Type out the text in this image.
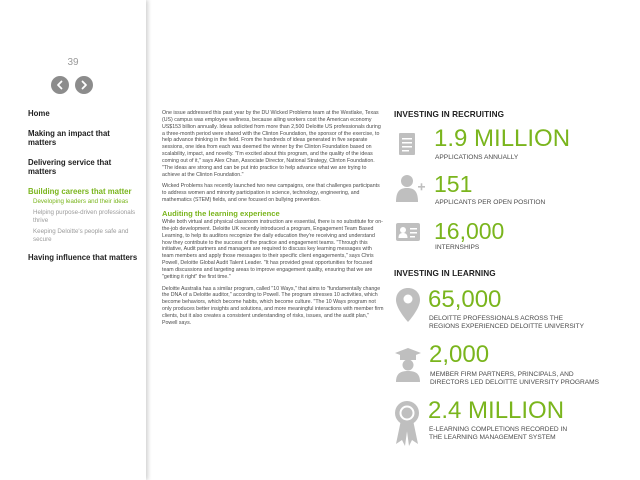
39
Home
Making an impact that matters
Delivering service that matters
Building careers that matter
Developing leaders and their ideas
Helping purpose-driven professionals thrive
Keeping Deloitte's people safe and secure
Having influence that matters

One issue addressed this past year by the DU Wicked Problems team at the Westlake, Texas (US) campus was employee wellness, because ailing workers cost the American economy US$153 billion annually. Ideas solicited from more than 2,500 Deloitte US professionals during a three-month period were shared with the Clinton Foundation, the sponsor of the exercise, to help advance thinking in the field. From the hundreds of ideas generated in five separate sessions, one idea from each was deemed the winner by the Clinton Foundation based on scalability, impact, and novelty. "I'm excited about this program, and the quality of the ideas coming out of it," says Alex Chan, Associate Director, National Strategy, Clinton Foundation. "The ideas are strong and can be put into practice to help advance what we are trying to achieve at the Clinton Foundation."

Wicked Problems has recently launched two new campaigns, one that challenges participants to address women and minority participation in science, technology, engineering, and mathematics (STEM) fields, and one focused on bullying prevention.

Auditing the learning experience

While both virtual and physical classroom instruction are essential, there is no substitute for on-the-job development. Deloitte UK recently introduced a program, Engagement Team Based Learning, to help its auditors recognize the daily education they're receiving and understand how they contribute to the success of the practice and engagement teams. "Through this initiative, Audit partners and managers are required to discuss key learning messages with team members and apply those messages to their specific client engagements," says Chris Powell, Deloitte Global Audit Talent Leader. "It has provided great opportunities for focused team discussions and targeting areas to improve engagement quality, ensuring that we are "getting it right" the first time."

Deloitte Australia has a similar program, called "10 Ways," that aims to "fundamentally change the DNA of a Deloitte auditor," according to Powell. The program stresses 10 activities, which become behaviors, which become habits, which become culture. "The 10 Ways program not only produces better insights and solutions, and more meaningful interactions with member firm clients, but it also creates a consistent understanding of risks, issues, and the audit plan," Powell says.

INVESTING IN RECRUITING
1.9 MILLION
APPLICATIONS ANNUALLY
151
APPLICANTS PER OPEN POSITION
16,000
INTERNSHIPS
INVESTING IN LEARNING
65,000
DELOITTE PROFESSIONALS ACROSS THE
REGIONS EXPERIENCED DELOITTE UNIVERSITY
2,000
MEMBER FIRM PARTNERS, PRINCIPALS, AND
DIRECTORS LED DELOITTE UNIVERSITY PROGRAMS
2.4 MILLION
E-LEARNING COMPLETIONS RECORDED IN
THE LEARNING MANAGEMENT SYSTEM
